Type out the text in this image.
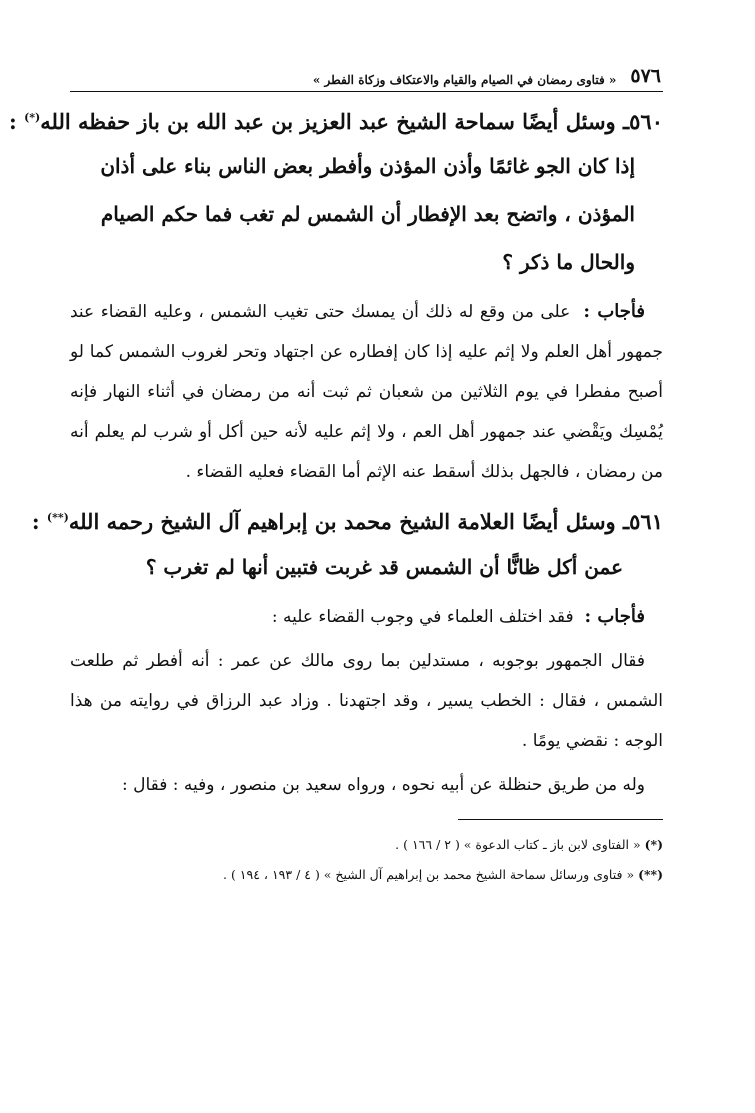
٥٧٦
« فتاوى رمضان في الصيام والقيام والاعتكاف وزكاة الفطر »
٥٦٠ـ وسئل أيضًا سماحة الشيخ عبد العزيز بن عبد الله بن باز حفظه الله(*) :
إذا كان الجو غائمًا وأذن المؤذن وأفطر بعض الناس بناء على أذان
المؤذن ، واتضح بعد الإفطار أن الشمس لم تغب فما حكم الصيام
والحال ما ذكر ؟
فأجاب :  على من وقع له ذلك أن يمسك حتى تغيب الشمس ، وعليه القضاء عند جمهور أهل العلم ولا إثم عليه إذا كان إفطاره عن اجتهاد وتحر لغروب الشمس كما لو أصبح مفطرا في يوم الثلاثين من شعبان ثم ثبت أنه من رمضان في أثناء النهار فإنه يُمْسِك ويَقْضي عند جمهور أهل العم ، ولا إثم عليه لأنه حين أكل أو شرب لم يعلم أنه من رمضان ، فالجهل بذلك أسقط عنه الإثم أما القضاء فعليه القضاء .
٥٦١ـ وسئل أيضًا العلامة الشيخ محمد بن إبراهيم آل الشيخ رحمه الله(**) :
عمن أكل ظانًّا أن الشمس قد غربت فتبين أنها لم تغرب ؟
فأجاب :  فقد اختلف العلماء في وجوب القضاء عليه :
فقال الجمهور بوجوبه ، مستدلين بما روى مالك عن عمر : أنه أفطر ثم طلعت الشمس ، فقال : الخطب يسير ، وقد اجتهدنا . وزاد عبد الرزاق في روايته من هذا الوجه : نقضي يومًا .
وله من طريق حنظلة عن أبيه نحوه ، ورواه سعيد بن منصور ، وفيه : فقال :
(*) « الفتاوى لابن باز ـ كتاب الدعوة » ( ٢ / ١٦٦ ) .
(**) « فتاوى ورسائل سماحة الشيخ محمد بن إبراهيم آل الشيخ » ( ٤ / ١٩٣ ، ١٩٤ ) .
